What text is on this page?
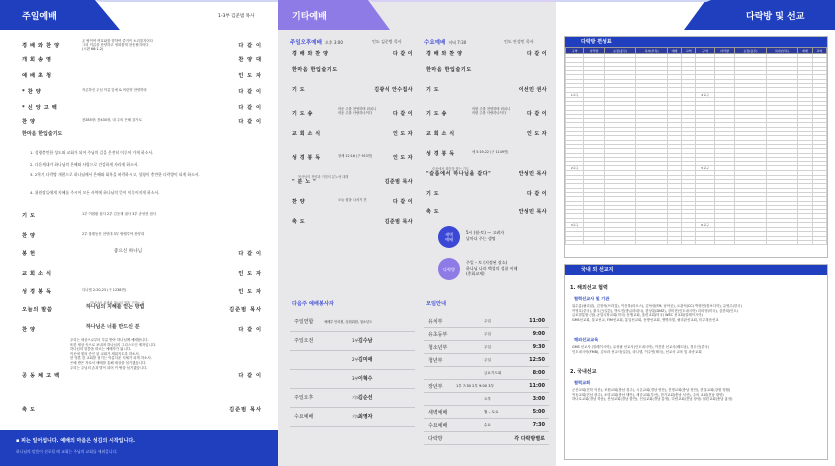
주일예배	1-3부 김준범 목사
경 배 와 찬 양
온 땅이여 여호와를 향하여 즐거이 소리칠지어다
그의 이름을 찬양하고 영화롭게 찬송할지어다
(시편 66:1-2)	다 같 이
개 회 송 영	찬 양 대
예 배 초 청	인 도 자
* 찬 양	자존하신 주님 이름 앞에 & 어린양 찬양하라	다 같 이
* 신 앙 고 백	다 같 이
찬 양	찬285장: 찬430장, 내 주의 은혜 강가로	다 같 이
한마음 한입술기도
1. 성령충만한 성도와 교회가 되어 주님의 길을 온전히 이루어 가게 하소서.
2. 다음세대가 하나님의 은혜와 사랑으로 건강하게 자라게 하소서.
3. 2학기 다락방 개편으로 하나님께서 은혜와 회복을 허락하시고, 성령이 충만한 다락방이 되게 하소서.
4. 위원장들에게 지혜를 주시어 모든 사역에 하나님의 뜻이 이루어지게 하소서.
기 도	1부 이원환 집사 2부 김응재 권사 3부 송성현 집사
찬 양	2부 물댄동산 찬양대 3부 할렐루야 찬양대
봉 헌	좋으신 하나님	다 같 이
교 회 소 식	인 도 자
성 경 봉 독	다니엘 2:20-23 (구 1238면)	인 도 자
오늘의 말씀	하나님의 지혜를 얻는 방법	김준범 목사
찬 양	하나님은 너를 만드신 분	다 같 이
하나님의 지혜와 계시의 영을 구하는 삶
공 동 체 고 백	다 같 이
우리는 세상으로부터 부름 받아 하나님께 예배합니다.
또한 세상 속으로 보내져 하나님의 그리스도인 제자입니다.
하나님의 말씀을 따르는 예배자가 됩니다.
이곳에 빛의 증인 된 교회가 세워지도록 하소서.
한 영혼 한 교회를 섬기는 아름다운 지체가 되게 하소서.
은혜 받은 자로서 예배를 통해 세상을 섬기겠습니다.
우리는 주님의 손과 발이 되어 이 땅을 섬기겠습니다.
축 도	김준범 목사
▪ 피는 일어섭니다. 예배의 마음은 성김의 시작입니다.
하나님의 말씀이 선포될 때 교회는 주님의 교회를 세워갑니다.
기타예배
주일오후예배 오후 3:00	인도 김준범 목사
경 배 와 찬 양	다 같 이
한마음 한입술기도
기 도	김광식 안수집사
기 도 송
어둔 주를 찬양하며 외치니
어둔 주를 사랑하나이다	다 같 이
교 회 소 식	인 도 자
성 경 봉 독	창세 12:16 (구 913면)	인 도 자
" 분 노 "	김준범 목사
찬 양	오늘 집을 나서기 전	다 같 이
축 도	김준범 목사
수요예배 저녁 7:30	인도 안성민 목사
경 배 와 찬 양	다 같 이
한마음 한입술기도
기 도	이선민 권사
기 도 송
어떤 주를 찬양하며 외치니
어떤 주를 사랑하나이다	다 같 이
교 회 소 식	인 도 자
성 경 봉 독	애 5:19-22 (구 1149면)
"슬픔에서 하나님을 같다"	안성민 목사
기 도	다 같 이
축 도	안성민 목사
새벽
예배
5시 (월-토) — 고려자
날마다 주는 생명
다락방
주일 – 토 (지정된 장소)
하나님 나라 백성의 성품 이해
(총회교재)
다음주 예배봉사자
주일연합	예배부 안리원, 임원위원, 청소년도
주일오전	1부 김수남
2부 김미애
3부 이혁수
주일오후	기도
김순선
수요예배	기도
최영자
모임안내
유치부	주일	11:00
유초등부	주일	9:00
청소년부	주일	9:30
청년부	주일	12:50
금요기도회	8:00
장년부	1부 7:30 2부 9:00 3부	11:00
오후	3:00
새벽예배	월 – 토요	5:00
수요예배	수요	7:30
다락방	각 다락방별로
목사님의 찬양과 거짓의 분노에 대해
슬픔에서 희망을 찾는 기도
다락방 및 선교
다락방 편성표
구역	다락방	순장(총무)	목자(부목)	예배	교역	구역	다락방	순장(총무)	목자(부목)	예배	교역

1교구						4교구					

2교구						5교구					

3교구						6교구					

국내 외 선교지
1. 해외선교 협력
협력선교사 및 기관
위수롱(필리핀), 김정석(브라질), 이증복(라오스), 김낙성(FM, 남아공), 오관석(CC) 박형현(캄보디아), 유영수(한국)
이영호(중국), 황우근(일본), 박도진(방글라데시), 한상룡(DMZ), 강미현(인도네시아) 리의영(미국), 심종희(인도)
글로벌통합 (칭)-공업국장교회(미국) 동행교회, 울런교회(미국) WEC 선교회(말레이시아)
GMS선교회, 불교선교, FIM선교회, 통일선교회, 동방선교회, 생명의빛, 필리핀선교회, 미주복음선교
해외선교교육
GMS 선교사 (말레이시아), 유성필 선교사(인도네시아), 이건한 선교사(베트남), 정우인(중국)
인도네시아(FMB), 김보라 선교사(일본), 라니엘, 이주연(태국), 선교사 교육 및 파송교회
2. 국내선교
협력교회
군산교회(전북 익산), 조원교회(충남 청주), 시온교회(경남 양산), 진명교회(충남 천안), 한울교회(강원 영월)
목동교회(전남 광주), 소망교회(충남 태안), 새순교회(부산), 한기교회(충남 서산), 주의 교회(전남 광양)
하나로교회(경남 하동), 산성교회(경남 함안), 신일교회(경남 통영), 다람교회(전남 장성) 열린교회(충남 홍성)
